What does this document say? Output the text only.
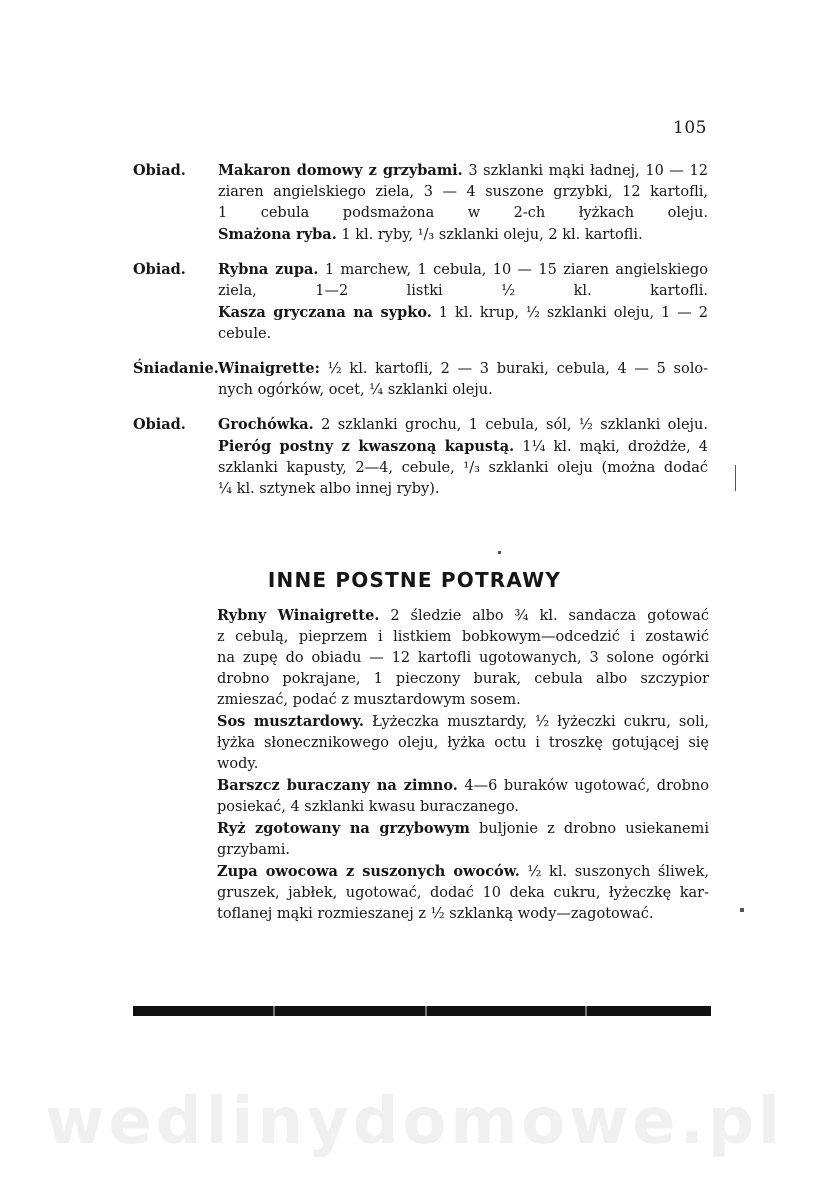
105
Obiad. Makaron domowy z grzybami. 3 szklanki mąki ładnej, 10 — 12
ziaren angielskiego ziela, 3 — 4 suszone grzybki, 12 kartofli,
1 cebula podsmażona w 2-ch łyżkach oleju.
Smażona ryba. 1 kl. ryby, ¹/₃ szklanki oleju, 2 kl. kartofli.
Obiad. Rybna zupa. 1 marchew, 1 cebula, 10 — 15 ziaren angielskiego
ziela, 1—2 listki ½ kl. kartofli.
Kasza gryczana na sypko. 1 kl. krup, ½ szklanki oleju, 1 — 2
cebule.
Śniadanie. Winaigrette: ½ kl. kartofli, 2 — 3 buraki, cebula, 4 — 5 solo-
nych ogórków, ocet, ¼ szklanki oleju.
Obiad. Grochówka. 2 szklanki grochu, 1 cebula, sól, ½ szklanki oleju.
Pieróg postny z kwaszoną kapustą. 1¼ kl. mąki, drożdże, 4
szklanki kapusty, 2—4, cebule, ¹/₃ szklanki oleju (można dodać
¼ kl. sztynek albo innej ryby).
INNE POSTNE POTRAWY
Rybny Winaigrette. 2 śledzie albo ¾ kl. sandacza gotować
z cebulą, pieprzem i listkiem bobkowym—odcedzić i zostawić
na zupę do obiadu — 12 kartofli ugotowanych, 3 solone ogórki
drobno pokrajane, 1 pieczony burak, cebula albo szczypior
zmieszać, podać z musztardowym sosem.
Sos musztardowy. Łyżeczka musztardy, ½ łyżeczki cukru, soli,
łyżka słonecznikowego oleju, łyżka octu i troszkę gotującej się
wody.
Barszcz buraczany na zimno. 4—6 buraków ugotować, drobno
posiekać, 4 szklanki kwasu buraczanego.
Ryż zgotowany na grzybowym buljonie z drobno usiekanemi
grzybami.
Zupa owocowa z suszonych owoców. ½ kl. suszonych śliwek,
gruszek, jabłek, ugotować, dodać 10 deka cukru, łyżeczkę kar-
toflanej mąki rozmieszanej z ½ szklanką wody—zagotować.
wedlinydomowe.pl
